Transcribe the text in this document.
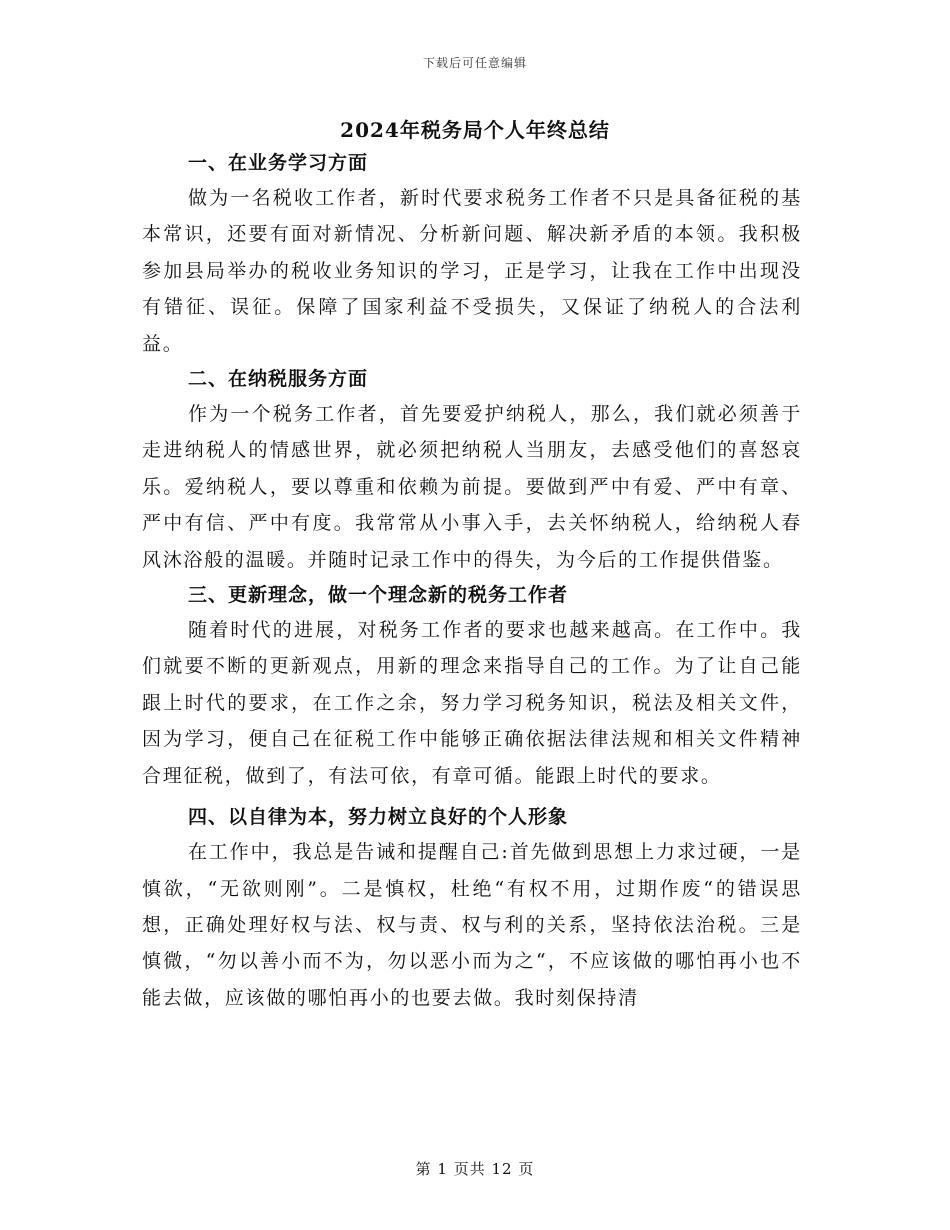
下载后可任意编辑
2024年税务局个人年终总结

一、在业务学习方面

做为一名税收工作者，新时代要求税务工作者不只是具备征税的基本常识，还要有面对新情况、分析新问题、解决新矛盾的本领。我积极参加县局举办的税收业务知识的学习，正是学习，让我在工作中出现没有错征、误征。保障了国家利益不受损失，又保证了纳税人的合法利益。

二、在纳税服务方面

作为一个税务工作者，首先要爱护纳税人，那么，我们就必须善于走进纳税人的情感世界，就必须把纳税人当朋友，去感受他们的喜怒哀乐。爱纳税人，要以尊重和依赖为前提。要做到严中有爱、严中有章、严中有信、严中有度。我常常从小事入手，去关怀纳税人，给纳税人春风沐浴般的温暖。并随时记录工作中的得失，为今后的工作提供借鉴。

三、更新理念，做一个理念新的税务工作者

随着时代的进展，对税务工作者的要求也越来越高。在工作中。我们就要不断的更新观点，用新的理念来指导自己的工作。为了让自己能跟上时代的要求，在工作之余，努力学习税务知识，税法及相关文件，因为学习，便自己在征税工作中能够正确依据法律法规和相关文件精神合理征税，做到了，有法可依，有章可循。能跟上时代的要求。

四、以自律为本，努力树立良好的个人形象

在工作中，我总是告诫和提醒自己:首先做到思想上力求过硬，一是慎欲，“无欲则刚”。二是慎权，杜绝“有权不用，过期作废“的错误思想，正确处理好权与法、权与责、权与利的关系，坚持依法治税。三是慎微，“勿以善小而不为，勿以恶小而为之“，不应该做的哪怕再小也不能去做，应该做的哪怕再小的也要去做。我时刻保持清

第 1 页共 12 页
